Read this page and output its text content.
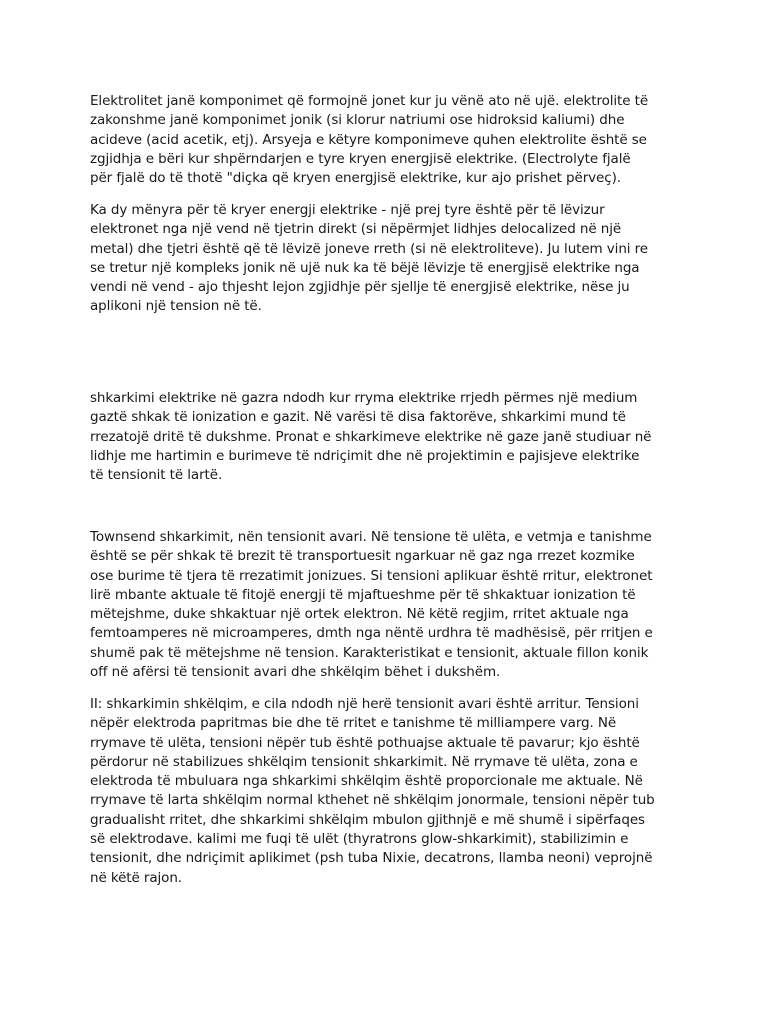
Elektrolitet janë komponimet që formojnë jonet kur ju vënë ato në ujë. elektrolite të
zakonshme janë komponimet jonik (si klorur natriumi ose hidroksid kaliumi) dhe
acideve (acid acetik, etj). Arsyeja e këtyre komponimeve quhen elektrolite është se
zgjidhja e bëri kur shpërndarjen e tyre kryen energjisë elektrike. (Electrolyte fjalë
për fjalë do të thotë "diçka që kryen energjisë elektrike, kur ajo prishet përveç).

Ka dy mënyra për të kryer energji elektrike - një prej tyre është për të lëvizur
elektronet nga një vend në tjetrin direkt (si nëpërmjet lidhjes delocalized në një
metal) dhe tjetri është që të lëvizë joneve rreth (si në elektroliteve). Ju lutem vini re
se tretur një kompleks jonik në ujë nuk ka të bëjë lëvizje të energjisë elektrike nga
vendi në vend - ajo thjesht lejon zgjidhje për sjellje të energjisë elektrike, nëse ju
aplikoni një tension në të.

shkarkimi elektrike në gazra ndodh kur rryma elektrike rrjedh përmes një medium
gaztë shkak të ionization e gazit. Në varësi të disa faktorëve, shkarkimi mund të
rrezatojë dritë të dukshme. Pronat e shkarkimeve elektrike në gaze janë studiuar në
lidhje me hartimin e burimeve të ndriçimit dhe në projektimin e pajisjeve elektrike
të tensionit të lartë.

Townsend shkarkimit, nën tensionit avari. Në tensione të ulëta, e vetmja e tanishme
është se për shkak të brezit të transportuesit ngarkuar në gaz nga rrezet kozmike
ose burime të tjera të rrezatimit jonizues. Si tensioni aplikuar është rritur, elektronet
lirë mbante aktuale të fitojë energji të mjaftueshme për të shkaktuar ionization të
mëtejshme, duke shkaktuar një ortek elektron. Në këtë regjim, rritet aktuale nga
femtoamperes në microamperes, dmth nga nëntë urdhra të madhësisë, për rritjen e
shumë pak të mëtejshme në tension. Karakteristikat e tensionit, aktuale fillon konik
off në afërsi të tensionit avari dhe shkëlqim bëhet i dukshëm.

II: shkarkimin shkëlqim, e cila ndodh një herë tensionit avari është arritur. Tensioni
nëpër elektroda papritmas bie dhe të rritet e tanishme të milliampere varg. Në
rrymave të ulëta, tensioni nëpër tub është pothuajse aktuale të pavarur; kjo është
përdorur në stabilizues shkëlqim tensionit shkarkimit. Në rrymave të ulëta, zona e
elektroda të mbuluara nga shkarkimi shkëlqim është proporcionale me aktuale. Në
rrymave të larta shkëlqim normal kthehet në shkëlqim jonormale, tensioni nëpër tub
gradualisht rritet, dhe shkarkimi shkëlqim mbulon gjithnjë e më shumë i sipërfaqes
së elektrodave. kalimi me fuqi të ulët (thyratrons glow-shkarkimit), stabilizimin e
tensionit, dhe ndriçimit aplikimet (psh tuba Nixie, decatrons, llamba neoni) veprojnë
në këtë rajon.
